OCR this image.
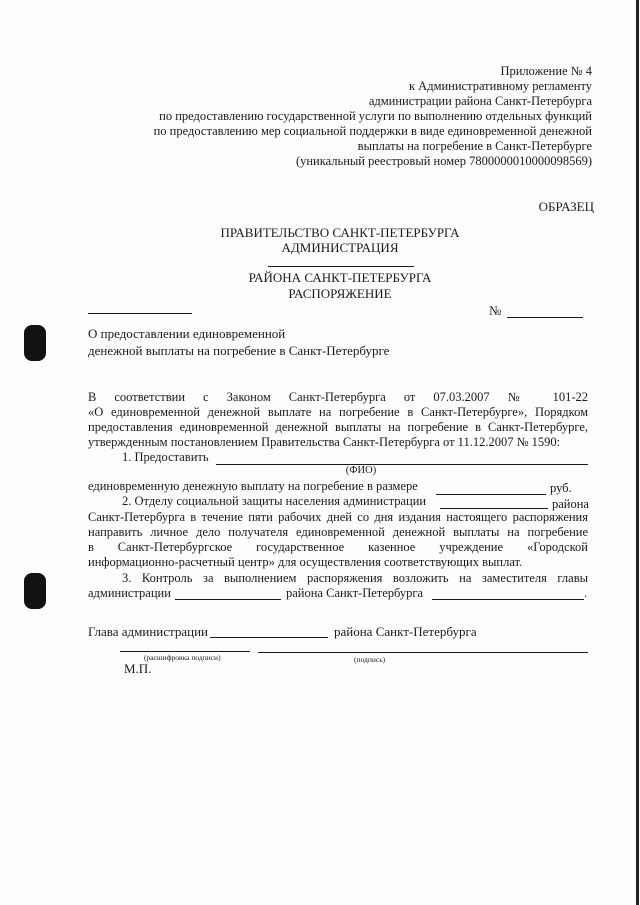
Приложение № 4
к Административному регламенту
администрации района Санкт-Петербурга
по предоставлению государственной услуги по выполнению отдельных функций
по предоставлению мер социальной поддержки в виде единовременной денежной
выплаты на погребение в Санкт-Петербурге
(уникальный реестровый номер 7800000010000098569)
ОБРАЗЕЦ
ПРАВИТЕЛЬСТВО САНКТ-ПЕТЕРБУРГА
АДМИНИСТРАЦИЯ
РАЙОНА САНКТ-ПЕТЕРБУРГА
РАСПОРЯЖЕНИЕ
№
О предоставлении единовременной
денежной выплаты на погребение в Санкт-Петербурге
В соответствии с Законом Санкт-Петербурга от 07.03.2007 № 101-22
«О единовременной денежной выплате на погребение в Санкт-Петербурге», Порядком
предоставления единовременной денежной выплаты на погребение в Санкт-Петербурге,
утвержденным постановлением Правительства Санкт-Петербурга от 11.12.2007 № 1590:
1. Предоставить
(ФИО)
единовременную денежную выплату на погребение в размере	руб.
2. Отделу социальной защиты населения администрации	района
Санкт-Петербурга в течение пяти рабочих дней со дня издания настоящего распоряжения
направить личное дело получателя единовременной денежной выплаты на погребение
в Санкт-Петербургское государственное казенное учреждение «Городской
информационно-расчетный центр» для осуществления соответствующих выплат.
3. Контроль за выполнением распоряжения возложить на заместителя главы
администрации	района Санкт-Петербурга	.
Глава администрации	района Санкт-Петербурга
(расшифровка подписи)	(подпись)
М.П.
